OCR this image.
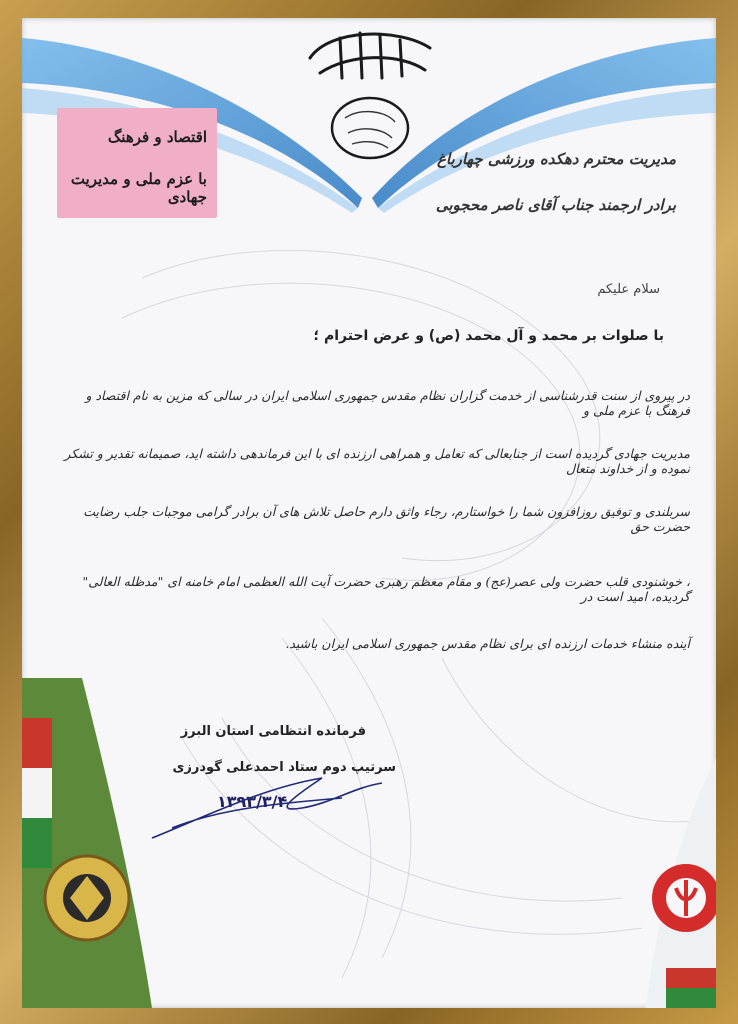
اقتصاد و فرهنگ
با عزم ملی و مدیریت جهادی
مدیریت محترم دهکده ورزشی چهارباغ
برادر ارجمند جناب آقای ناصر محجوبی
سلام علیکم
با صلوات بر محمد و آل محمد (ص) و عرض احترام ؛
در پیروی از سنت قدرشناسی از خدمت گزاران نظام مقدس جمهوری اسلامی ایران در سالی که مزین به نام اقتصاد و فرهنگ با عزم ملی و
مدیریت جهادی گردیده است از جنابعالی که تعامل و همراهی ارزنده ای با این فرماندهی داشته اید، صمیمانه تقدیر و تشکر نموده و از خداوند متعال
سربلندی و توفیق روزافزون شما را خواستارم، رجاء واثق دارم حاصل تلاش های آن برادر گرامی موجبات جلب رضایت حضرت حق
، خوشنودی قلب حضرت ولی عصر(عج) و مقام معظم رهبری حضرت آیت الله العظمی امام خامنه ای "مدظله العالی" گردیده، امید است در
آینده منشاء خدمات ارزنده ای برای نظام مقدس جمهوری اسلامی ایران باشید.
فرمانده انتظامی استان البرز
سرتیپ دوم ستاد احمدعلی گودرزی
۱۳۹۳/۳/۴
